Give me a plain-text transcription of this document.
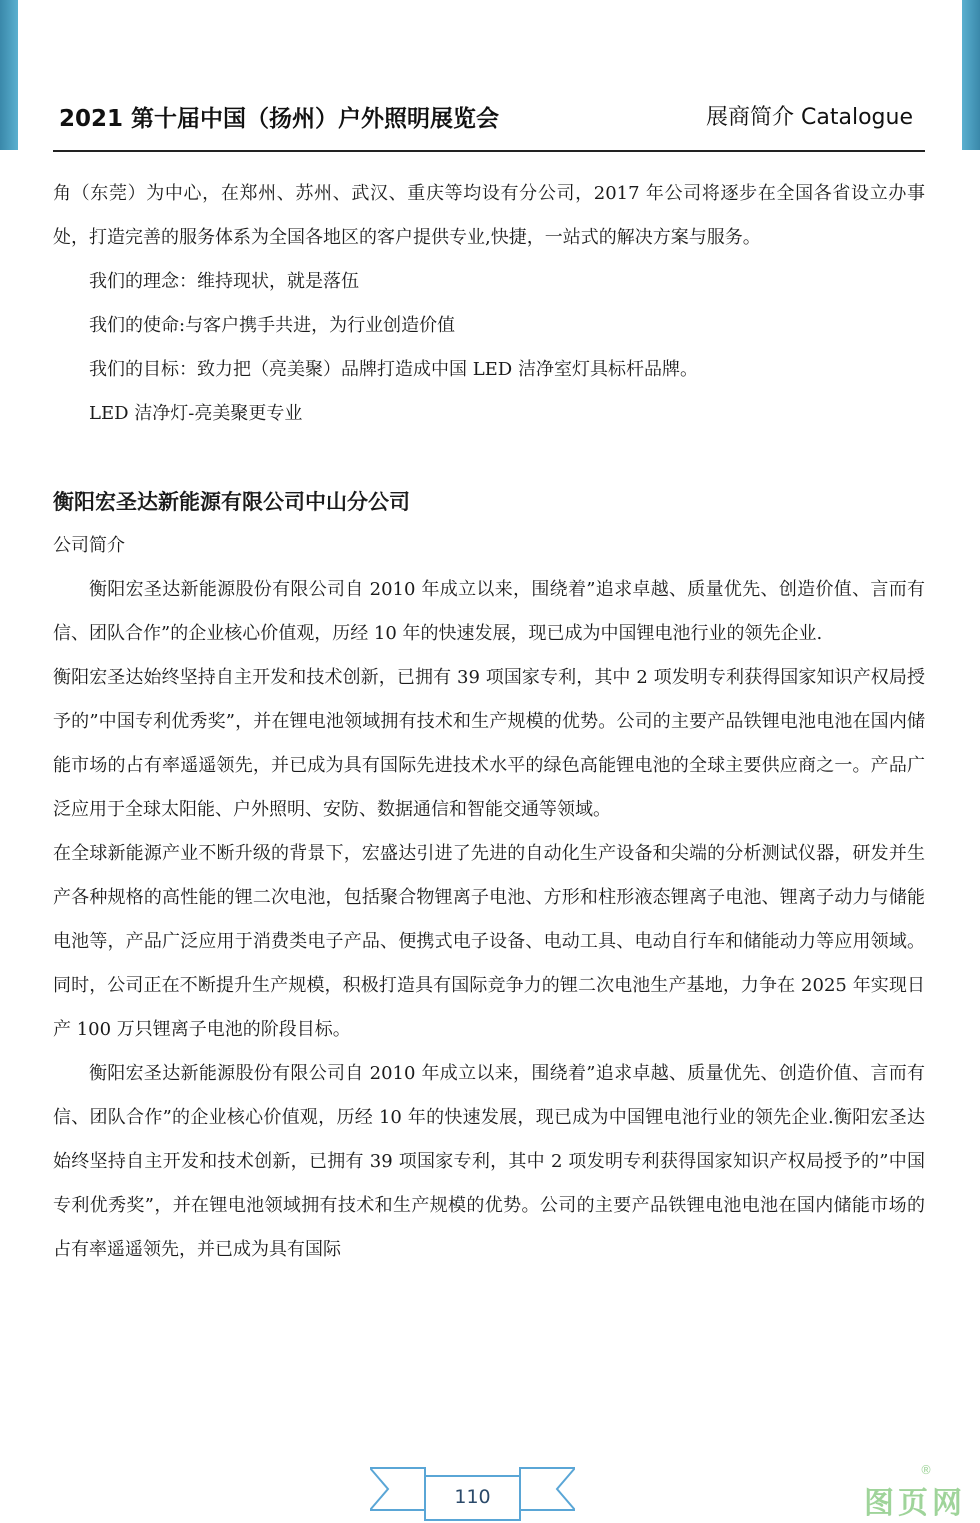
2021 第十届中国（扬州）户外照明展览会	展商简介 Catalogue

角（东莞）为中心，在郑州、苏州、武汉、重庆等均设有分公司，2017 年公司将逐步在全国各省设立办事处，打造完善的服务体系为全国各地区的客户提供专业,快捷，一站式的解决方案与服务。

我们的理念：维持现状，就是落伍

我们的使命:与客户携手共进，为行业创造价值

我们的目标：致力把（亮美聚）品牌打造成中国 LED 洁净室灯具标杆品牌。

LED 洁净灯-亮美聚更专业

衡阳宏圣达新能源有限公司中山分公司

公司简介

衡阳宏圣达新能源股份有限公司自 2010 年成立以来，围绕着”追求卓越、质量优先、创造价值、言而有信、团队合作”的企业核心价值观，历经 10 年的快速发展，现已成为中国锂电池行业的领先企业.

衡阳宏圣达始终坚持自主开发和技术创新，已拥有 39 项国家专利，其中 2 项发明专利获得国家知识产权局授予的”中国专利优秀奖”，并在锂电池领域拥有技术和生产规模的优势。公司的主要产品铁锂电池电池在国内储能市场的占有率遥遥领先，并已成为具有国际先进技术水平的绿色高能锂电池的全球主要供应商之一。产品广泛应用于全球太阳能、户外照明、安防、数据通信和智能交通等领域。

在全球新能源产业不断升级的背景下，宏盛达引进了先进的自动化生产设备和尖端的分析测试仪器，研发并生产各种规格的高性能的锂二次电池，包括聚合物锂离子电池、方形和柱形液态锂离子电池、锂离子动力与储能电池等，产品广泛应用于消费类电子产品、便携式电子设备、电动工具、电动自行车和储能动力等应用领域。同时，公司正在不断提升生产规模，积极打造具有国际竞争力的锂二次电池生产基地，力争在 2025 年实现日产 100 万只锂离子电池的阶段目标。

衡阳宏圣达新能源股份有限公司自 2010 年成立以来，围绕着”追求卓越、质量优先、创造价值、言而有信、团队合作”的企业核心价值观，历经 10 年的快速发展，现已成为中国锂电池行业的领先企业.衡阳宏圣达始终坚持自主开发和技术创新，已拥有 39 项国家专利，其中 2 项发明专利获得国家知识产权局授予的”中国专利优秀奖”，并在锂电池领域拥有技术和生产规模的优势。公司的主要产品铁锂电池电池在国内储能市场的占有率遥遥领先，并已成为具有国际

110	图页网
®
